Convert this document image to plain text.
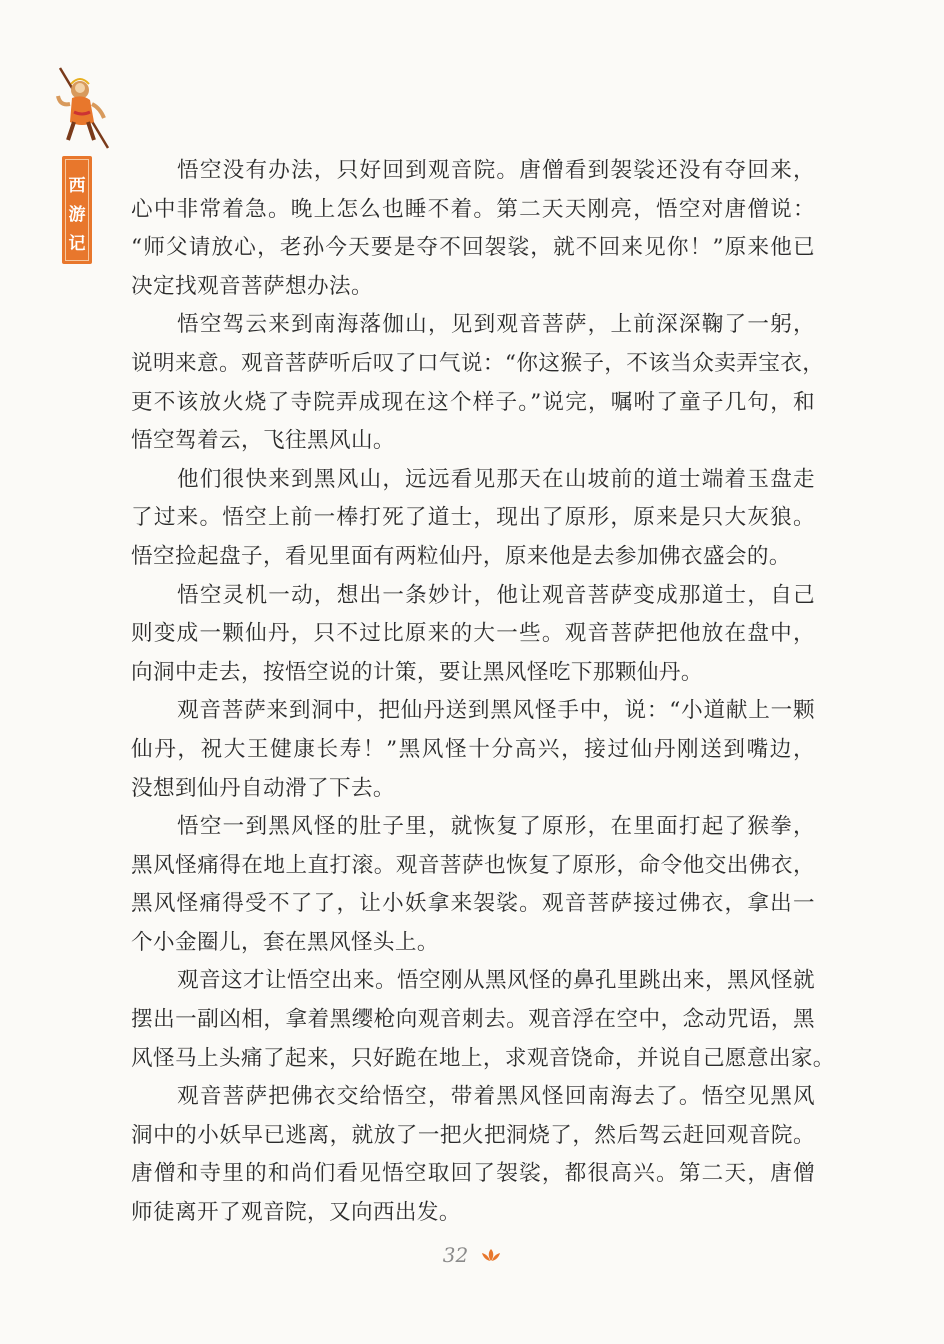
西
游
记

悟空没有办法，只好回到观音院。唐僧看到袈裟还没有夺回来，
心中非常着急。晚上怎么也睡不着。第二天天刚亮，悟空对唐僧说：
“师父请放心，老孙今天要是夺不回袈裟，就不回来见你！”原来他已
决定找观音菩萨想办法。

悟空驾云来到南海落伽山，见到观音菩萨，上前深深鞠了一躬，
说明来意。观音菩萨听后叹了口气说：“你这猴子，不该当众卖弄宝衣，
更不该放火烧了寺院弄成现在这个样子。”说完，嘱咐了童子几句，和
悟空驾着云，飞往黑风山。

他们很快来到黑风山，远远看见那天在山坡前的道士端着玉盘走
了过来。悟空上前一棒打死了道士，现出了原形，原来是只大灰狼。
悟空捡起盘子，看见里面有两粒仙丹，原来他是去参加佛衣盛会的。

悟空灵机一动，想出一条妙计，他让观音菩萨变成那道士，自己
则变成一颗仙丹，只不过比原来的大一些。观音菩萨把他放在盘中，
向洞中走去，按悟空说的计策，要让黑风怪吃下那颗仙丹。

观音菩萨来到洞中，把仙丹送到黑风怪手中，说：“小道献上一颗
仙丹，祝大王健康长寿！”黑风怪十分高兴，接过仙丹刚送到嘴边，
没想到仙丹自动滑了下去。

悟空一到黑风怪的肚子里，就恢复了原形，在里面打起了猴拳，
黑风怪痛得在地上直打滚。观音菩萨也恢复了原形，命令他交出佛衣，
黑风怪痛得受不了了，让小妖拿来袈裟。观音菩萨接过佛衣，拿出一
个小金圈儿，套在黑风怪头上。

观音这才让悟空出来。悟空刚从黑风怪的鼻孔里跳出来，黑风怪就
摆出一副凶相，拿着黑缨枪向观音刺去。观音浮在空中，念动咒语，黑
风怪马上头痛了起来，只好跪在地上，求观音饶命，并说自己愿意出家。

观音菩萨把佛衣交给悟空，带着黑风怪回南海去了。悟空见黑风
洞中的小妖早已逃离，就放了一把火把洞烧了，然后驾云赶回观音院。
唐僧和寺里的和尚们看见悟空取回了袈裟，都很高兴。第二天，唐僧
师徒离开了观音院，又向西出发。

32
